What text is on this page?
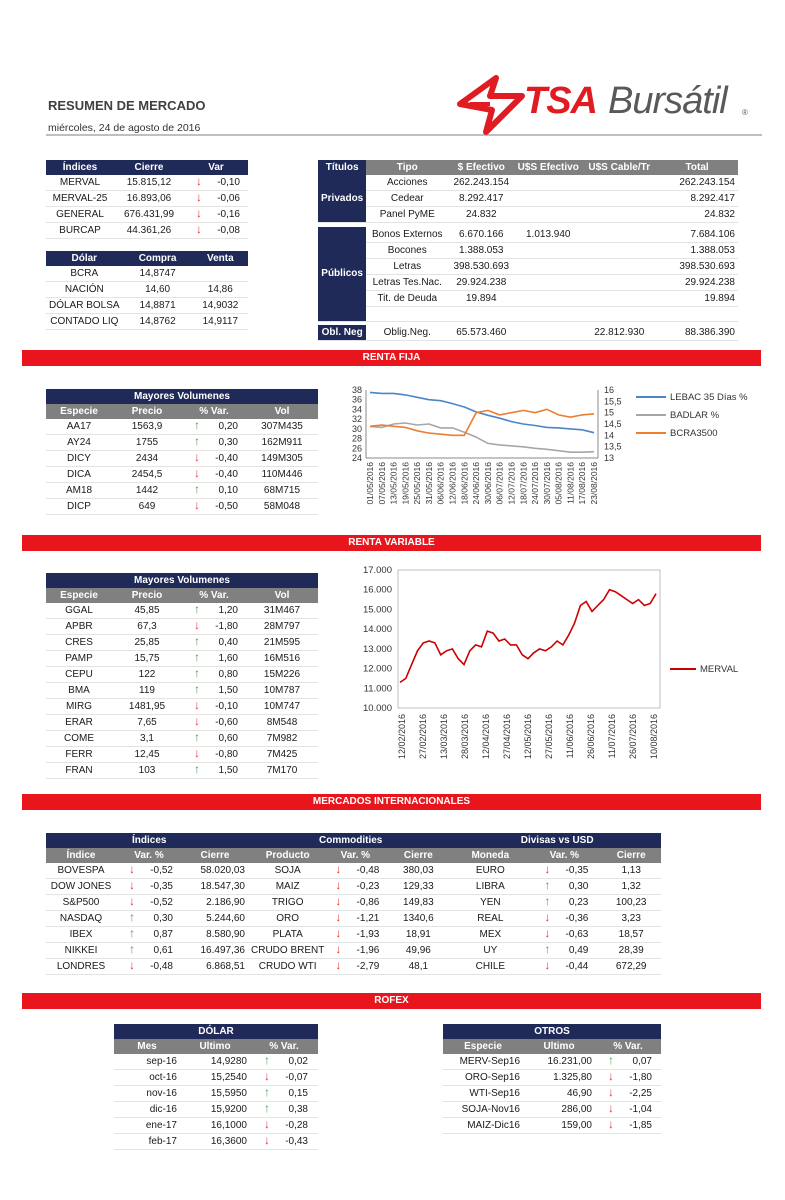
RESUMEN DE MERCADO
miércoles, 24 de agosto de 2016
TSA Bursátil ®
Índices	Cierre	Var
MERVAL	15.815,12	↓ -0,10
MERVAL-25	16.893,06	↓ -0,06
GENERAL	676.431,99	↓ -0,16
BURCAP	44.361,26	↓ -0,08
Dólar	Compra	Venta
BCRA	14,8747	
NACIÓN	14,60	14,86
DÓLAR BOLSA	14,8871	14,9032
CONTADO LIQ	14,8762	14,9117
Títulos	Tipo	$ Efectivo	U$S Efectivo	U$S Cable/Tr	Total
Privados	Acciones	262.243.154			262.243.154
	Cedear	8.292.417			8.292.417
	Panel PyME	24.832			24.832

Públicos	Bonos Externos	6.670.166	1.013.940		7.684.106
	Bocones	1.388.053			1.388.053
	Letras	398.530.693			398.530.693
	Letras Tes.Nac.	29.924.238			29.924.238
	Tit. de Deuda	19.894			19.894

Obl. Neg	Oblig.Neg.	65.573.460		22.812.930	88.386.390
RENTA FIJA
RENTA VARIABLE
MERCADOS INTERNACIONALES
ROFEX
Mayores Volumenes			
Especie	Precio	% Var.	Vol
AA17	1563,9	↑ 0,20	307M435
AY24	1755	↑ 0,30	162M911
DICY	2434	↓ -0,40	149M305
DICA	2454,5	↓ -0,40	110M446
AM18	1442	↑ 0,10	68M715
DICP	649	↓ -0,50	58M048
24
26
28
30
32
34
36
38
13
13,5
14
14,5
15
15,5
16
01/05/2016 07/05/2016 13/05/2016 19/05/2016 25/05/2016 31/05/2016 06/06/2016 12/06/2016 18/06/2016 24/06/2016 30/06/2016 06/07/2016 12/07/2016 18/07/2016 24/07/2016 30/07/2016 05/08/2016 11/08/2016 17/08/2016 23/08/2016
LEBAC 35 Días %
BADLAR %
BCRA3500
Mayores Volumenes			
Especie	Precio	% Var.	Vol
GGAL	45,85	↑ 1,20	31M467
APBR	67,3	↓ -1,80	28M797
CRES	25,85	↑ 0,40	21M595
PAMP	15,75	↑ 1,60	16M516
CEPU	122	↑ 0,80	15M226
BMA	119	↑ 1,50	10M787
MIRG	1481,95	↓ -0,10	10M747
ERAR	7,65	↓ -0,60	8M548
COME	3,1	↑ 0,60	7M982
FERR	12,45	↓ -0,80	7M425
FRAN	103	↑ 1,50	7M170
10.000
11.000
12.000
13.000
14.000
15.000
16.000
17.000
12/02/2016 27/02/2016 13/03/2016 28/03/2016 12/04/2016 27/04/2016 12/05/2016 27/05/2016 11/06/2016 26/06/2016 11/07/2016 26/07/2016 10/08/2016
MERVAL
Índices			Commodities			Divisas vs USD		
Índice	Var. %	Cierre	Producto	Var. %	Cierre	Moneda	Var. %	Cierre
BOVESPA	↓ -0,52	58.020,03	SOJA	↓ -0,48	380,03	EURO	↓ -0,35	1,13
DOW JONES	↓ -0,35	18.547,30	MAIZ	↓ -0,23	129,33	LIBRA	↑ 0,30	1,32
S&P500	↓ -0,52	2.186,90	TRIGO	↓ -0,86	149,83	YEN	↑ 0,23	100,23
NASDAQ	↑ 0,30	5.244,60	ORO	↓ -1,21	1340,6	REAL	↓ -0,36	3,23
IBEX	↑ 0,87	8.580,90	PLATA	↓ -1,93	18,91	MEX	↓ -0,63	18,57
NIKKEI	↑ 0,61	16.497,36	CRUDO BRENT	↓ -1,96	49,96	UY	↑ 0,49	28,39
LONDRES	↓ -0,48	6.868,51	CRUDO WTI	↓ -2,79	48,1	CHILE	↓ -0,44	672,29
DÓLAR		
Mes	Ultimo	% Var.
sep-16	14,9280	↑ 0,02
oct-16	15,2540	↓ -0,07
nov-16	15,5950	↑ 0,15
dic-16	15,9200	↑ 0,38
ene-17	16,1000	↓ -0,28
feb-17	16,3600	↓ -0,43
OTROS		
Especie	Ultimo	% Var.
MERV-Sep16	16.231,00	↑ 0,07
ORO-Sep16	1.325,80	↓ -1,80
WTI-Sep16	46,90	↓ -2,25
SOJA-Nov16	286,00	↓ -1,04
MAIZ-Dic16	159,00	↓ -1,85
